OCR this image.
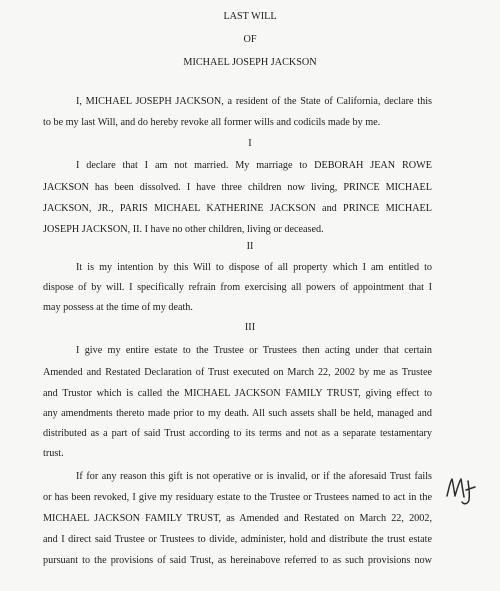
LAST WILL
OF
MICHAEL JOSEPH JACKSON
I, MICHAEL JOSEPH JACKSON, a resident of the State of California, declare this
to be my last Will, and do hereby revoke all former wills and codicils made by me.
I
I declare that I am not married. My marriage to DEBORAH JEAN ROWE
JACKSON has been dissolved. I have three children now living, PRINCE MICHAEL
JACKSON, JR., PARIS MICHAEL KATHERINE JACKSON and PRINCE MICHAEL
JOSEPH JACKSON, II. I have no other children, living or deceased.
II
It is my intention by this Will to dispose of all property which I am entitled to
dispose of by will. I specifically refrain from exercising all powers of appointment that I
may possess at the time of my death.
III
I give my entire estate to the Trustee or Trustees then acting under that certain
Amended and Restated Declaration of Trust executed on March 22, 2002 by me as Trustee
and Trustor which is called the MICHAEL JACKSON FAMILY TRUST, giving effect to
any amendments thereto made prior to my death. All such assets shall be held, managed and
distributed as a part of said Trust according to its terms and not as a separate testamentary
trust.
If for any reason this gift is not operative or is invalid, or if the aforesaid Trust fails
or has been revoked, I give my residuary estate to the Trustee or Trustees named to act in the
MICHAEL JACKSON FAMILY TRUST, as Amended and Restated on March 22, 2002,
and I direct said Trustee or Trustees to divide, administer, hold and distribute the trust estate
pursuant to the provisions of said Trust, as hereinabove referred to as such provisions now
